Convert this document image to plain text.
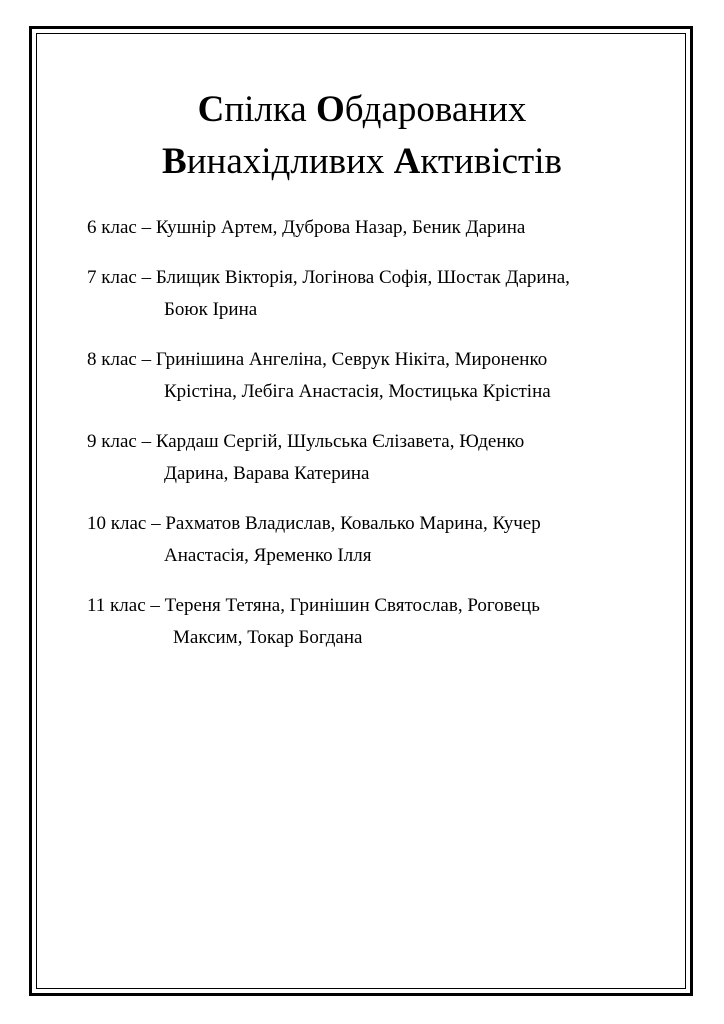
Спілка Обдарованих
Винахідливих Активістів
6 клас – Кушнір Артем, Дуброва Назар, Беник Дарина
7 клас – Блищик Вікторія, Логінова Софія, Шостак Дарина,
Боюк Ірина
8 клас – Гринішина Ангеліна, Севрук Нікіта, Мироненко
Крістіна, Лебіга Анастасія, Мостицька Крістіна
9 клас – Кардаш Сергій, Шульська Єлізавета, Юденко
Дарина, Варава Катерина
10 клас – Рахматов Владислав, Ковалько Марина, Кучер
Анастасія, Яременко Ілля
11 клас – Тереня Тетяна, Гринішин Святослав, Роговець
Максим, Токар Богдана
